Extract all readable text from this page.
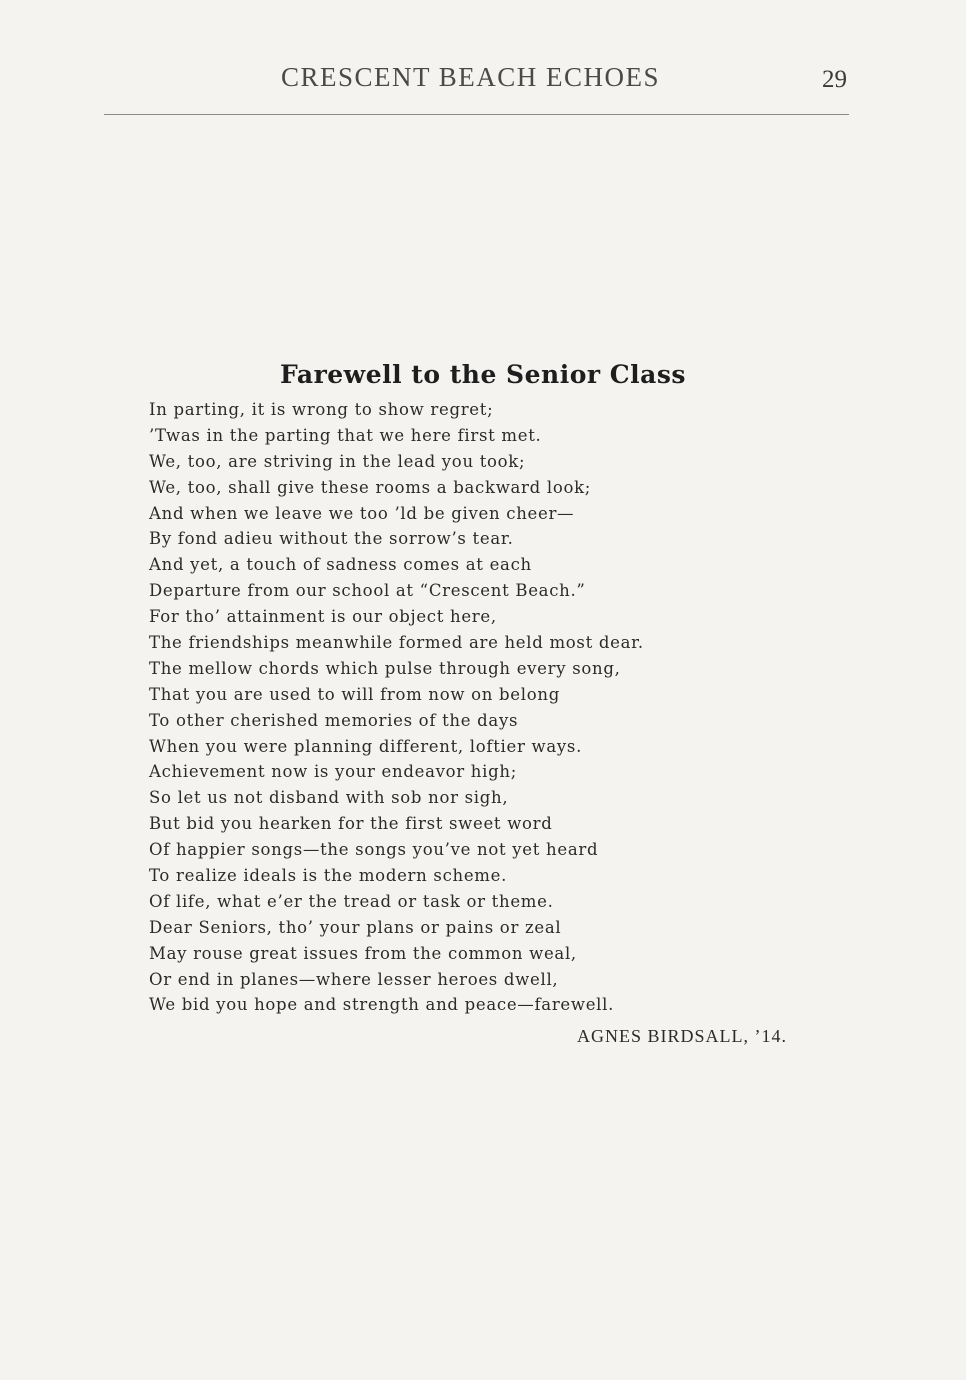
CRESCENT BEACH ECHOES	29
Farewell to the Senior Class
In parting, it is wrong to show regret;
’Twas in the parting that we here first met.
We, too, are striving in the lead you took;
We, too, shall give these rooms a backward look;
And when we leave we too ’ld be given cheer—
By fond adieu without the sorrow’s tear.
And yet, a touch of sadness comes at each
Departure from our school at “Crescent Beach.”
For tho’ attainment is our object here,
The friendships meanwhile formed are held most dear.
The mellow chords which pulse through every song,
That you are used to will from now on belong
To other cherished memories of the days
When you were planning different, loftier ways.
Achievement now is your endeavor high;
So let us not disband with sob nor sigh,
But bid you hearken for the first sweet word
Of happier songs—the songs you’ve not yet heard
To realize ideals is the modern scheme.
Of life, what e’er the tread or task or theme.
Dear Seniors, tho’ your plans or pains or zeal
May rouse great issues from the common weal,
Or end in planes—where lesser heroes dwell,
We bid you hope and strength and peace—farewell.
AGNES BIRDSALL, ’14.
